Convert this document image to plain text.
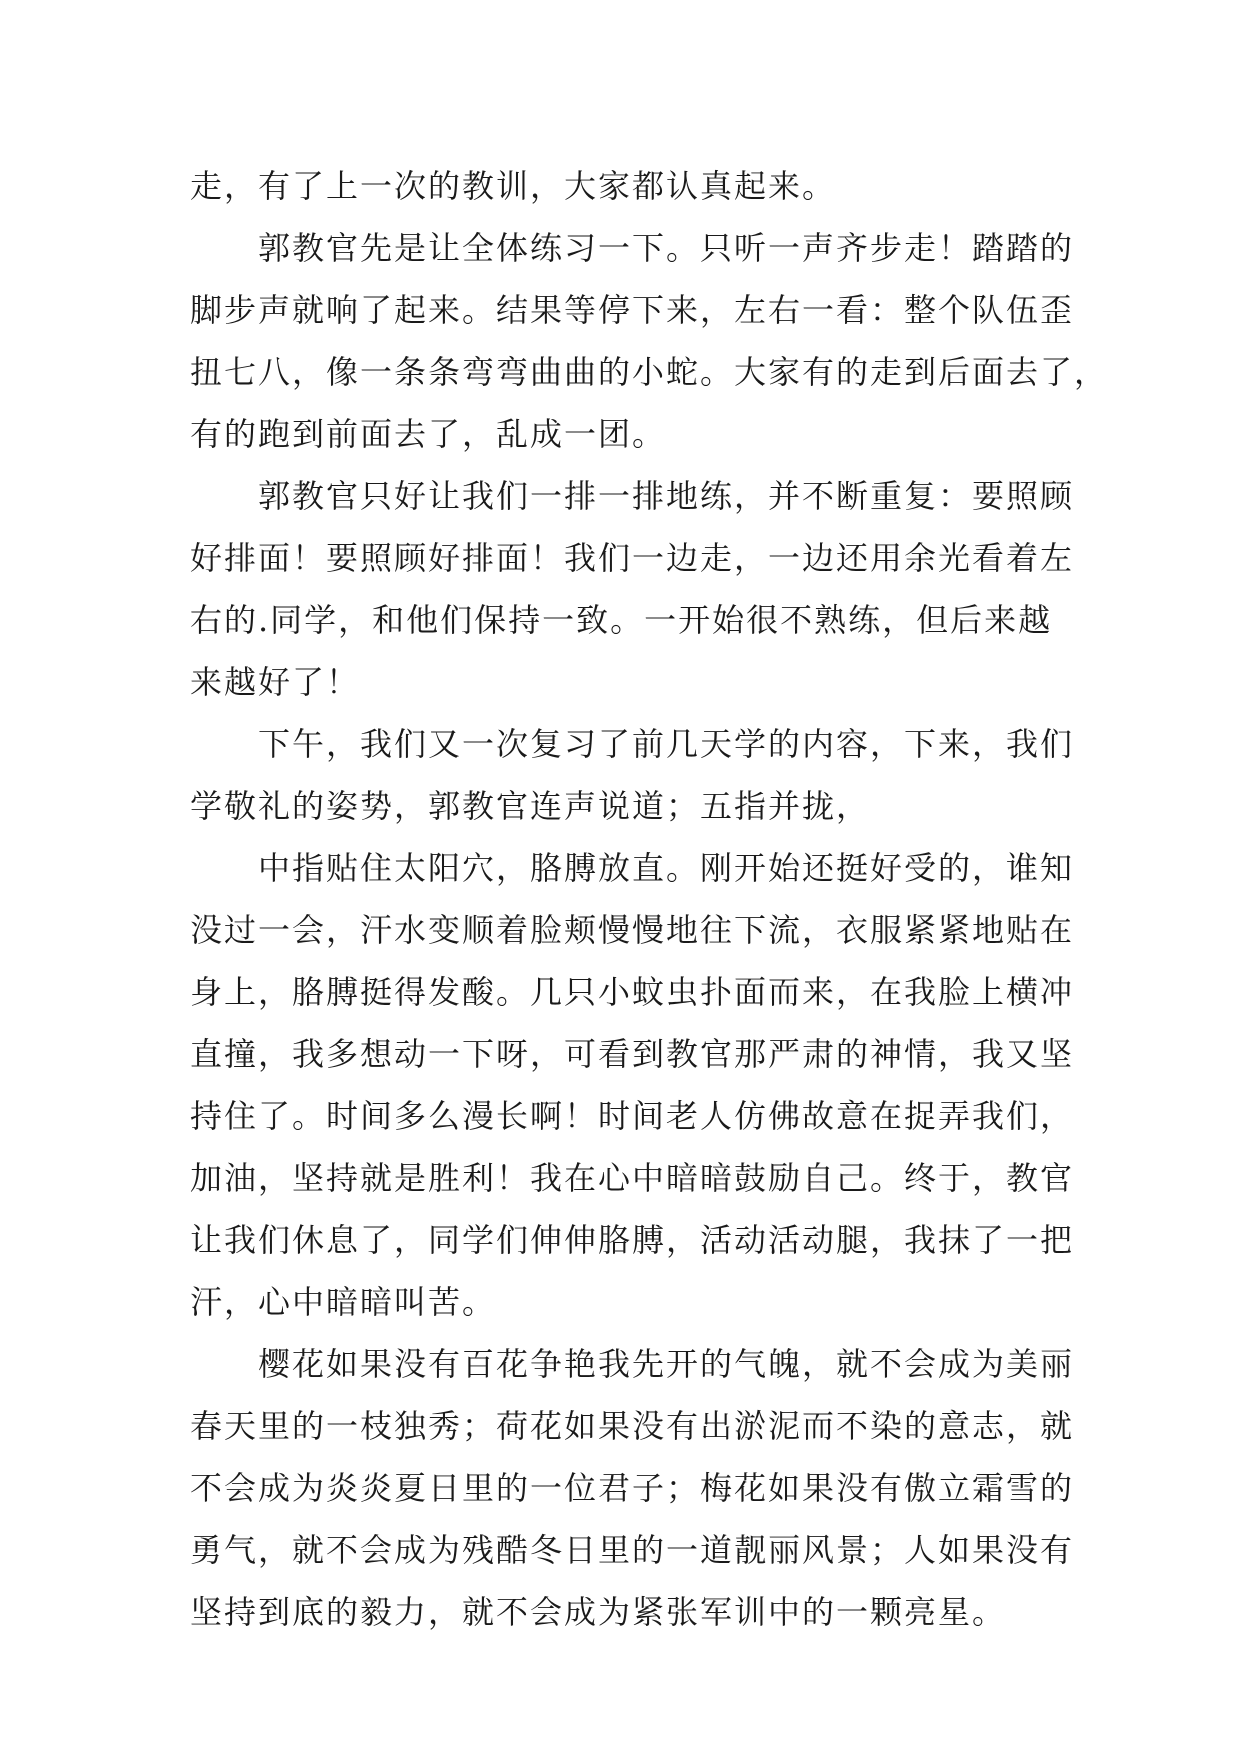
走，有了上一次的教训，大家都认真起来。
郭教官先是让全体练习一下。只听一声齐步走！踏踏的
脚步声就响了起来。结果等停下来，左右一看：整个队伍歪
扭七八，像一条条弯弯曲曲的小蛇。大家有的走到后面去了，
有的跑到前面去了，乱成一团。
郭教官只好让我们一排一排地练，并不断重复：要照顾
好排面！要照顾好排面！我们一边走，一边还用余光看着左
右的.同学，和他们保持一致。一开始很不熟练，但后来越
来越好了！
下午，我们又一次复习了前几天学的内容，下来，我们
学敬礼的姿势，郭教官连声说道；五指并拢，
中指贴住太阳穴，胳膊放直。刚开始还挺好受的，谁知
没过一会，汗水变顺着脸颊慢慢地往下流，衣服紧紧地贴在
身上，胳膊挺得发酸。几只小蚊虫扑面而来，在我脸上横冲
直撞，我多想动一下呀，可看到教官那严肃的神情，我又坚
持住了。时间多么漫长啊！时间老人仿佛故意在捉弄我们，
加油，坚持就是胜利！我在心中暗暗鼓励自己。终于，教官
让我们休息了，同学们伸伸胳膊，活动活动腿，我抹了一把
汗，心中暗暗叫苦。
樱花如果没有百花争艳我先开的气魄，就不会成为美丽
春天里的一枝独秀；荷花如果没有出淤泥而不染的意志，就
不会成为炎炎夏日里的一位君子；梅花如果没有傲立霜雪的
勇气，就不会成为残酷冬日里的一道靓丽风景；人如果没有
坚持到底的毅力，就不会成为紧张军训中的一颗亮星。
